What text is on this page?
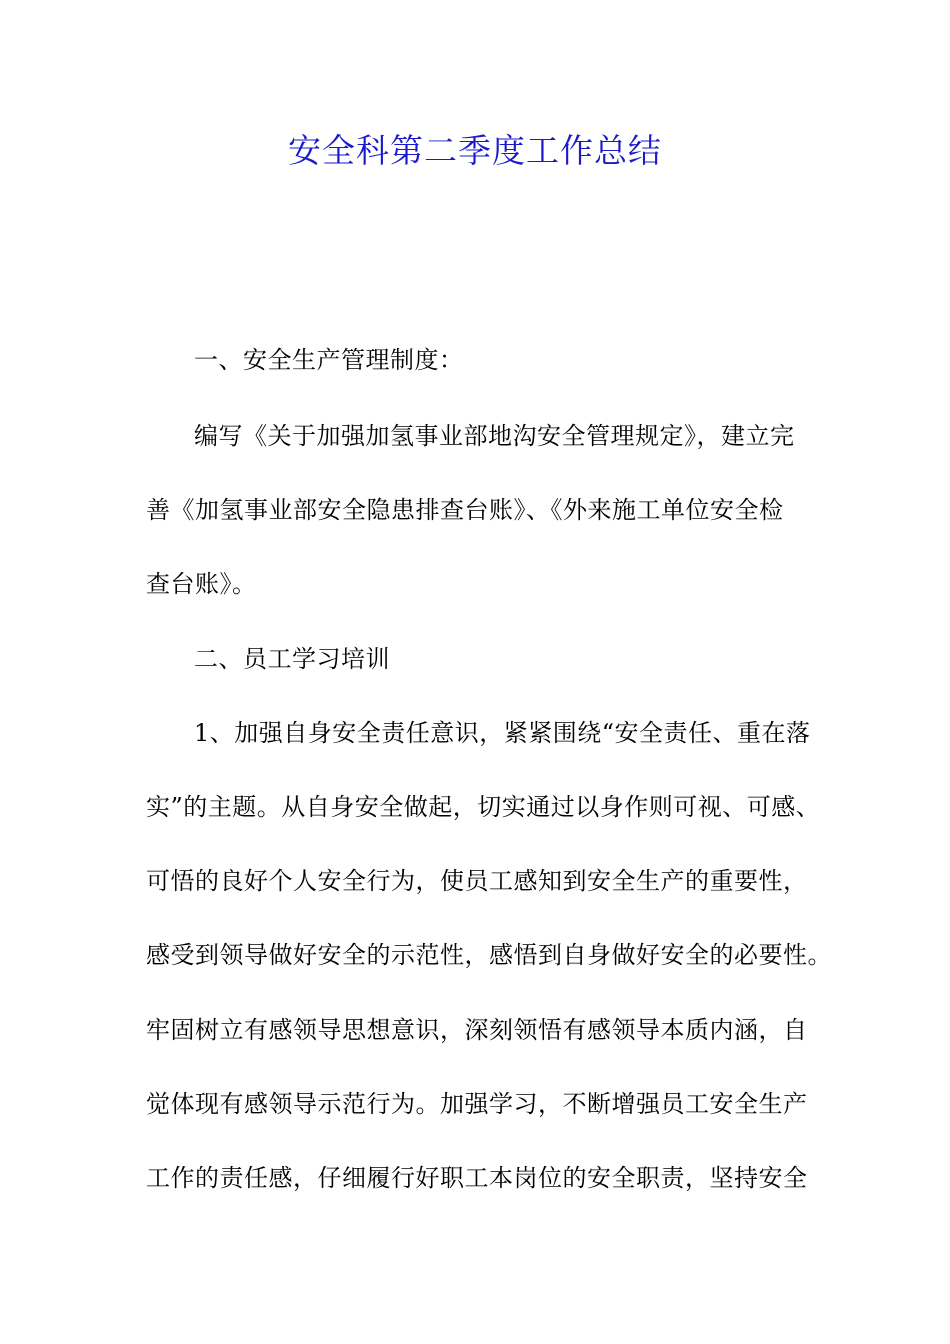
安全科第二季度工作总结
一、安全生产管理制度：
编写《关于加强加氢事业部地沟安全管理规定》，建立完
善《加氢事业部安全隐患排查台账》、《外来施工单位安全检
查台账》。
二、员工学习培训
1、加强自身安全责任意识，紧紧围绕“安全责任、重在落
实”的主题。从自身安全做起，切实通过以身作则可视、可感、
可悟的良好个人安全行为，使员工感知到安全生产的重要性，
感受到领导做好安全的示范性，感悟到自身做好安全的必要性。
牢固树立有感领导思想意识，深刻领悟有感领导本质内涵，自
觉体现有感领导示范行为。加强学习，不断增强员工安全生产
工作的责任感，仔细履行好职工本岗位的安全职责，坚持安全
